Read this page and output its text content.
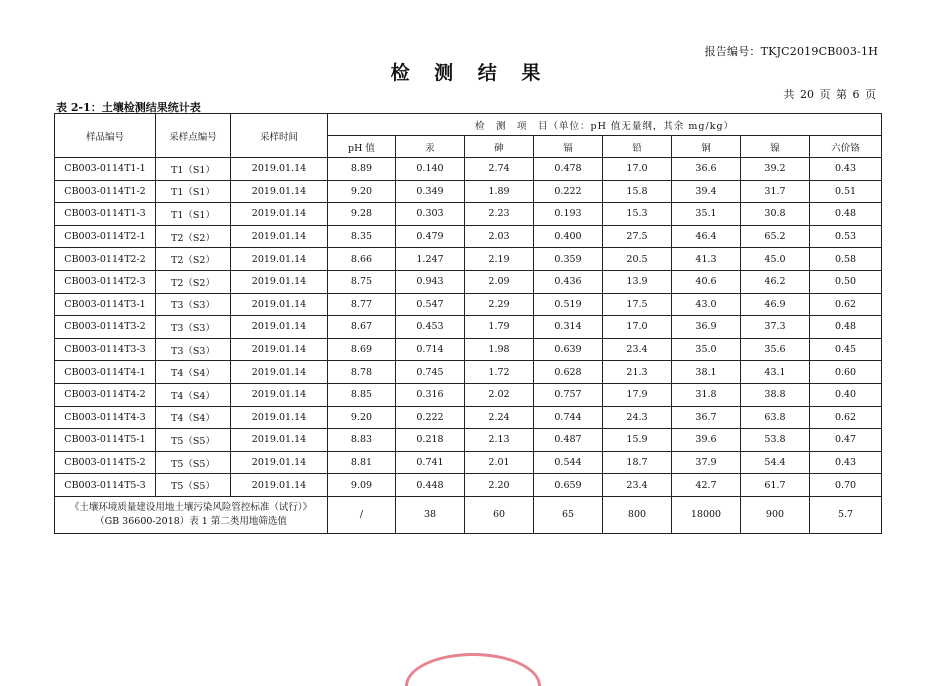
报告编号：TKJC2019CB003-1H
检 测 结 果
共 20 页 第 6 页
表 2-1：土壤检测结果统计表
样品编号	采样点编号	采样时间	检　测　项　目（单位：pH 值无量纲，其余 mg/kg）							
			pH 值	汞	砷	镉	铅	铜	镍	六价铬
CB003-0114T1-1	T1（S1）	2019.01.14	8.89	0.140	2.74	0.478	17.0	36.6	39.2	0.43
CB003-0114T1-2	T1（S1）	2019.01.14	9.20	0.349	1.89	0.222	15.8	39.4	31.7	0.51
CB003-0114T1-3	T1（S1）	2019.01.14	9.28	0.303	2.23	0.193	15.3	35.1	30.8	0.48
CB003-0114T2-1	T2（S2）	2019.01.14	8.35	0.479	2.03	0.400	27.5	46.4	65.2	0.53
CB003-0114T2-2	T2（S2）	2019.01.14	8.66	1.247	2.19	0.359	20.5	41.3	45.0	0.58
CB003-0114T2-3	T2（S2）	2019.01.14	8.75	0.943	2.09	0.436	13.9	40.6	46.2	0.50
CB003-0114T3-1	T3（S3）	2019.01.14	8.77	0.547	2.29	0.519	17.5	43.0	46.9	0.62
CB003-0114T3-2	T3（S3）	2019.01.14	8.67	0.453	1.79	0.314	17.0	36.9	37.3	0.48
CB003-0114T3-3	T3（S3）	2019.01.14	8.69	0.714	1.98	0.639	23.4	35.0	35.6	0.45
CB003-0114T4-1	T4（S4）	2019.01.14	8.78	0.745	1.72	0.628	21.3	38.1	43.1	0.60
CB003-0114T4-2	T4（S4）	2019.01.14	8.85	0.316	2.02	0.757	17.9	31.8	38.8	0.40
CB003-0114T4-3	T4（S4）	2019.01.14	9.20	0.222	2.24	0.744	24.3	36.7	63.8	0.62
CB003-0114T5-1	T5（S5）	2019.01.14	8.83	0.218	2.13	0.487	15.9	39.6	53.8	0.47
CB003-0114T5-2	T5（S5）	2019.01.14	8.81	0.741	2.01	0.544	18.7	37.9	54.4	0.43
CB003-0114T5-3	T5（S5）	2019.01.14	9.09	0.448	2.20	0.659	23.4	42.7	61.7	0.70

《土壤环境质量建设用地土壤污染风险管控标准（试行）》
（GB 36600-2018）表 1 第二类用地筛选值			/	38	60	65	800	18000	900	5.7
